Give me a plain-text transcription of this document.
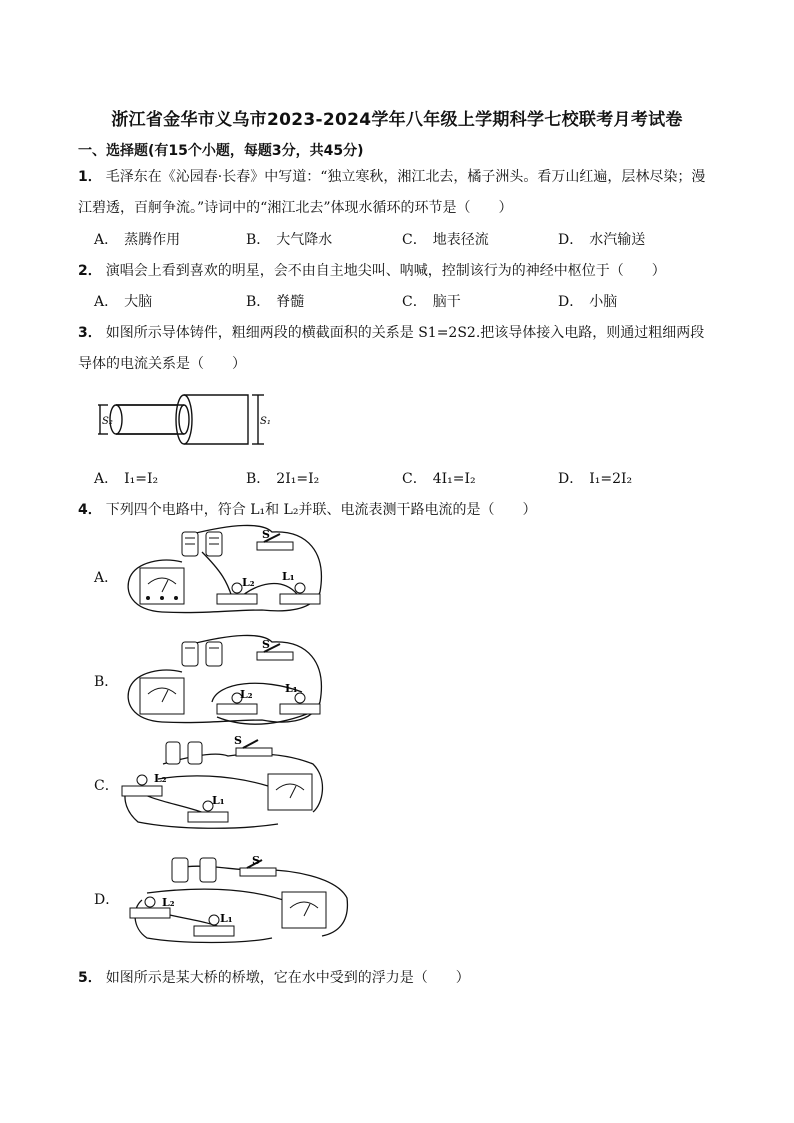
浙江省金华市义乌市2023-2024学年八年级上学期科学七校联考月考试卷
一、选择题(有15个小题，每题3分，共45分)
1． 毛泽东在《沁园春·长春》中写道：“独立寒秋，湘江北去，橘子洲头。看万山红遍，层林尽染；漫
江碧透，百舸争流。”诗词中的“湘江北去”体现水循环的环节是（　　）
A． 蒸腾作用	B． 大气降水	C． 地表径流	D． 水汽输送
2． 演唱会上看到喜欢的明星，会不由自主地尖叫、呐喊，控制该行为的神经中枢位于（　　）
A． 大脑	B． 脊髓	C． 脑干	D． 小脑
3． 如图所示导体铸件，粗细两段的横截面积的关系是 S1=2S2.把该导体接入电路，则通过粗细两段
导体的电流关系是（　　）
S₂	S₁
A． I₁=I₂	B． 2I₁=I₂	C． 4I₁=I₂	D． I₁=2I₂
4． 下列四个电路中，符合 L₁和 L₂并联、电流表测干路电流的是（　　）
A．
S
L₂ L₁
B．
S
L₂	L₁
C．
S
L₂
L₁
D．
S
L₂
L₁
5． 如图所示是某大桥的桥墩，它在水中受到的浮力是（　　）
